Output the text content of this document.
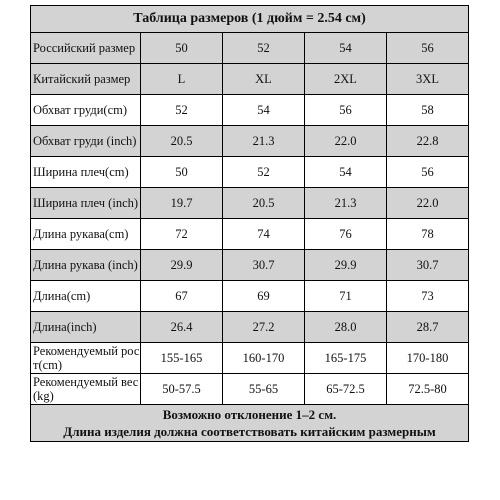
Таблица размеров (1 дюйм = 2.54 см)				
Российский размер	50	52	54	56
Китайский размер	L	XL	2XL	3XL
Обхват груди(cm)	52	54	56	58
Обхват груди (inch)	20.5	21.3	22.0	22.8
Ширина плеч(cm)	50	52	54	56
Ширина плеч (inch)	19.7	20.5	21.3	22.0
Длина рукава(cm)	72	74	76	78
Длина рукава (inch)	29.9	30.7	29.9	30.7
Длина(cm)	67	69	71	73
Длина(inch)	26.4	27.2	28.0	28.7
Рекомендуемый рост(cm)	155-165	160-170	165-175	170-180
Рекомендуемый вес (kg)	50-57.5	55-65	65-72.5	72.5-80

Возможно отклонение 1–2 см.
Длина изделия должна соответствовать китайским размерным				
